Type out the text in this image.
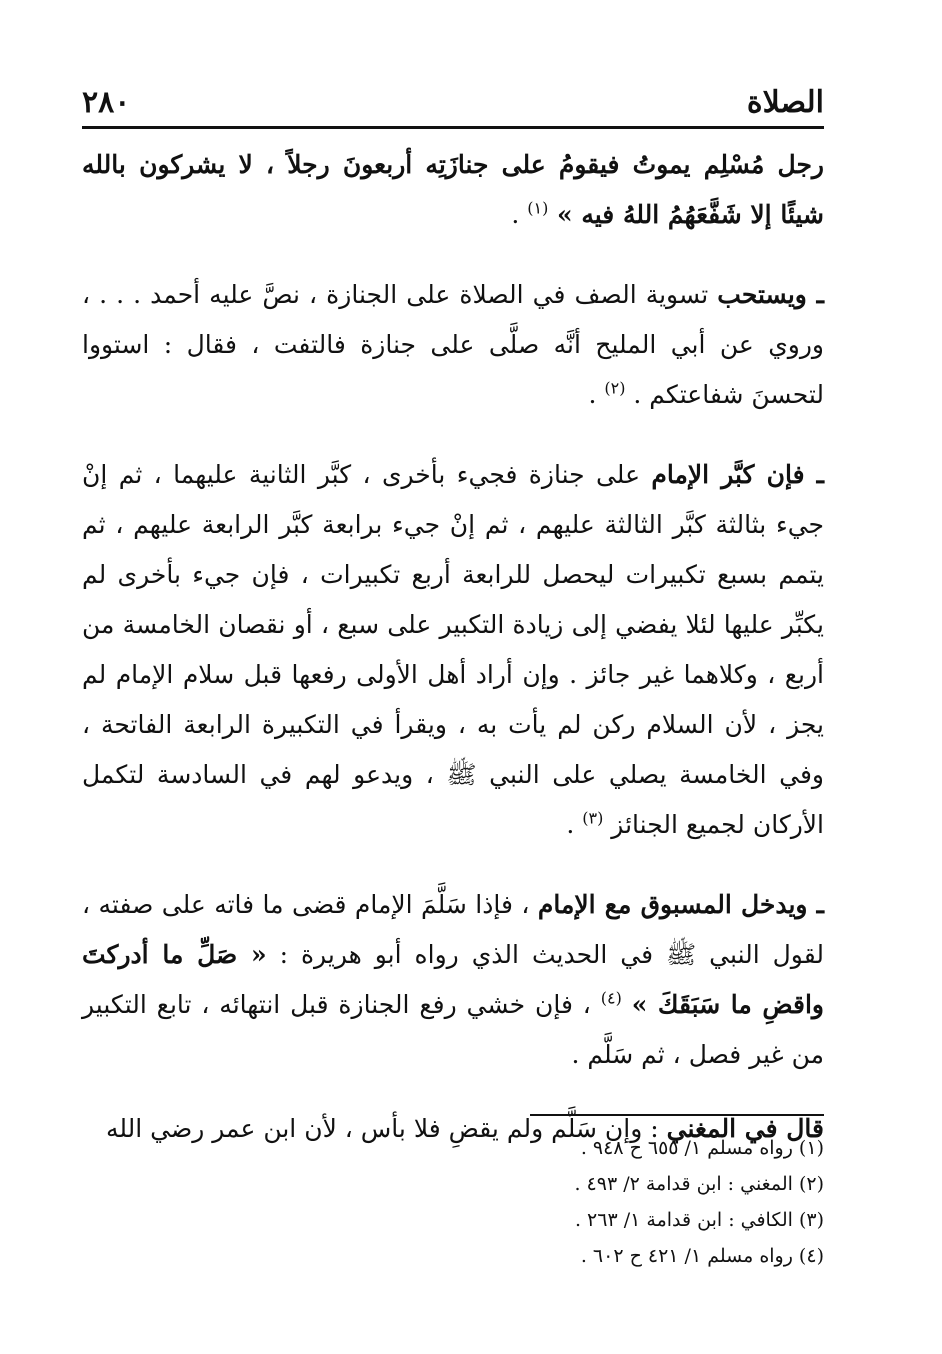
٢٨٠	الصلاة

رجل مُسْلِم يموتُ فيقومُ على جنازَتِه أربعونَ رجلاً ، لا يشركون بالله شيئًا إلا شَفَّعَهُمُ اللهُ فيه » $^{(١)}$ .

ـ ويستحب تسوية الصف في الصلاة على الجنازة ، نصَّ عليه أحمد . . . ، وروي عن أبي المليح أنَّه صلَّى على جنازة فالتفت ، فقال : استووا لتحسنَ شفاعتكم . $^{(٢)}$ .

ـ فإن كبَّر الإمام على جنازة فجيء بأخرى ، كبَّر الثانية عليهما ، ثم إنْ جيء بثالثة كبَّر الثالثة عليهم ، ثم إنْ جيء برابعة كبَّر الرابعة عليهم ، ثم يتمم بسبع تكبيرات ليحصل للرابعة أربع تكبيرات ، فإن جيء بأخرى لم يكبِّر عليها لئلا يفضي إلى زيادة التكبير على سبع ، أو نقصان الخامسة من أربع ، وكلاهما غير جائز . وإن أراد أهل الأولى رفعها قبل سلام الإمام لم يجز ، لأن السلام ركن لم يأت به ، ويقرأ في التكبيرة الرابعة الفاتحة ، وفي الخامسة يصلي على النبي ﷺ ، ويدعو لهم في السادسة لتكمل الأركان لجميع الجنائز $^{(٣)}$ .

ـ ويدخل المسبوق مع الإمام ، فإذا سَلَّمَ الإمام قضى ما فاته على صفته ، لقول النبي ﷺ في الحديث الذي رواه أبو هريرة : « صَلِّ ما أدركتَ واقضِ ما سَبَقَكَ » $^{(٤)}$ ، فإن خشي رفع الجنازة قبل انتهائه ، تابع التكبير من غير فصل ، ثم سَلَّم .

قال في المغني : وإن سَلَّم ولم يقضِ فلا بأس ، لأن ابن عمر رضي الله

(١) رواه مسلم ١/ ٦٥٥ ح ٩٤٨ .

(٢) المغني : ابن قدامة ٢/ ٤٩٣ .

(٣) الكافي : ابن قدامة ١/ ٢٦٣ .

(٤) رواه مسلم ١/ ٤٢١ ح ٦٠٢ .
